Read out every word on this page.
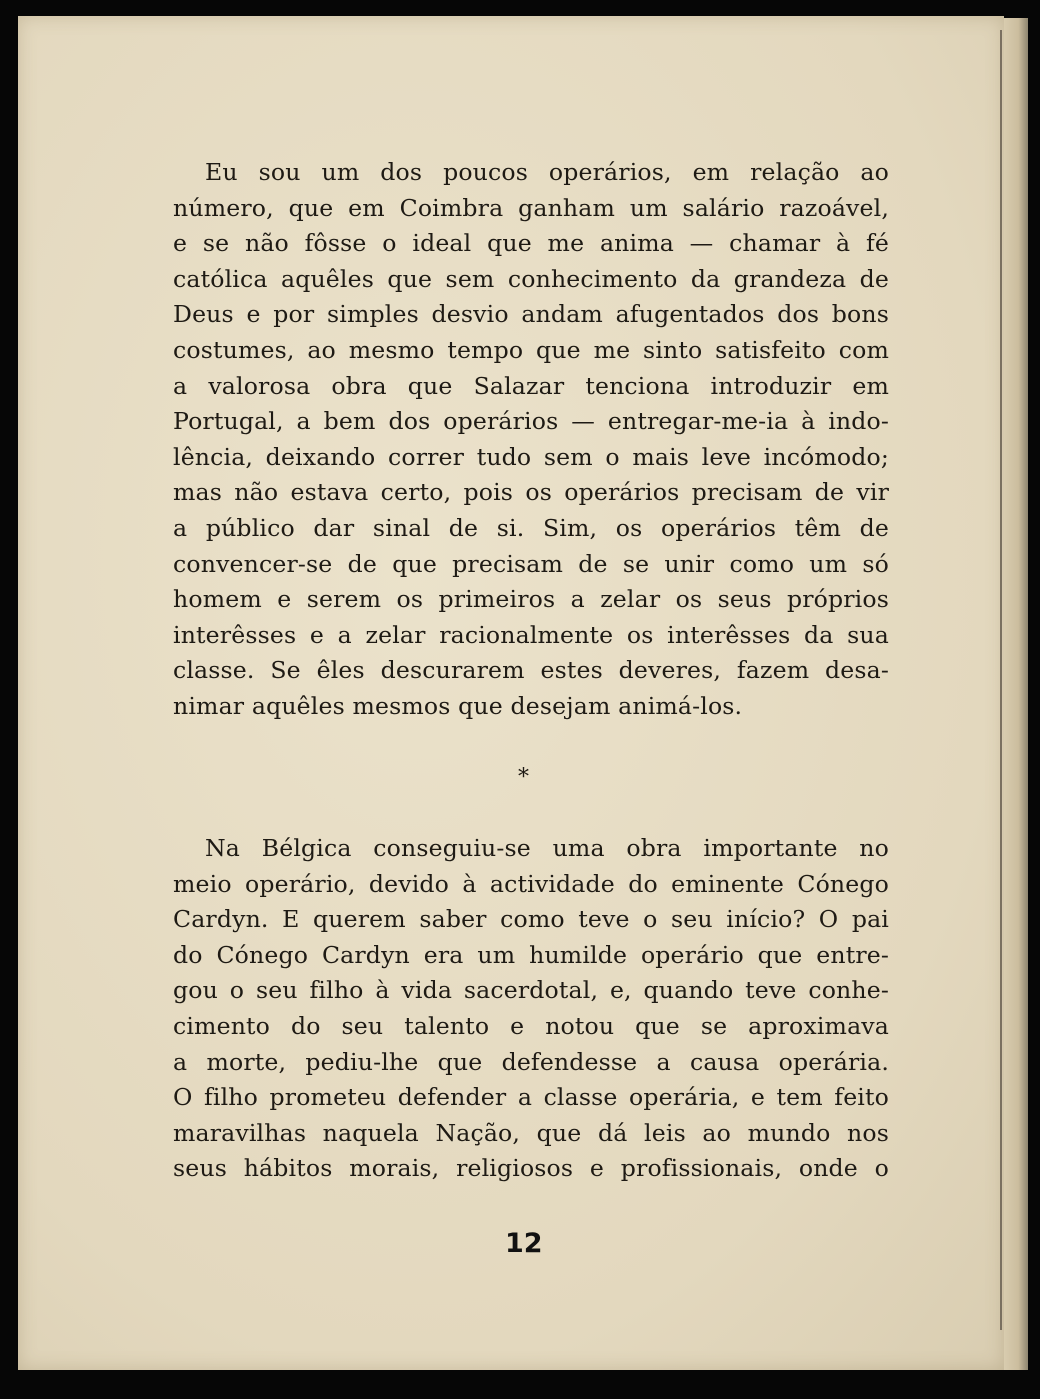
Eu sou um dos poucos operários, em relação ao
número, que em Coimbra ganham um salário razoável,
e se não fôsse o ideal que me anima — chamar à fé
católica aquêles que sem conhecimento da grandeza de
Deus e por simples desvio andam afugentados dos bons
costumes, ao mesmo tempo que me sinto satisfeito com
a valorosa obra que Salazar tenciona introduzir em
Portugal, a bem dos operários — entregar-me-ia à indo-
lência, deixando correr tudo sem o mais leve incómodo;
mas não estava certo, pois os operários precisam de vir
a público dar sinal de si. Sim, os operários têm de
convencer-se de que precisam de se unir como um só
homem e serem os primeiros a zelar os seus próprios
interêsses e a zelar racionalmente os interêsses da sua
classe. Se êles descurarem estes deveres, fazem desa-
nimar aquêles mesmos que desejam animá-los.
*
Na Bélgica conseguiu-se uma obra importante no
meio operário, devido à actividade do eminente Cónego
Cardyn. E querem saber como teve o seu início? O pai
do Cónego Cardyn era um humilde operário que entre-
gou o seu filho à vida sacerdotal, e, quando teve conhe-
cimento do seu talento e notou que se aproximava
a morte, pediu-lhe que defendesse a causa operária.
O filho prometeu defender a classe operária, e tem feito
maravilhas naquela Nação, que dá leis ao mundo nos
seus hábitos morais, religiosos e profissionais, onde o
12
